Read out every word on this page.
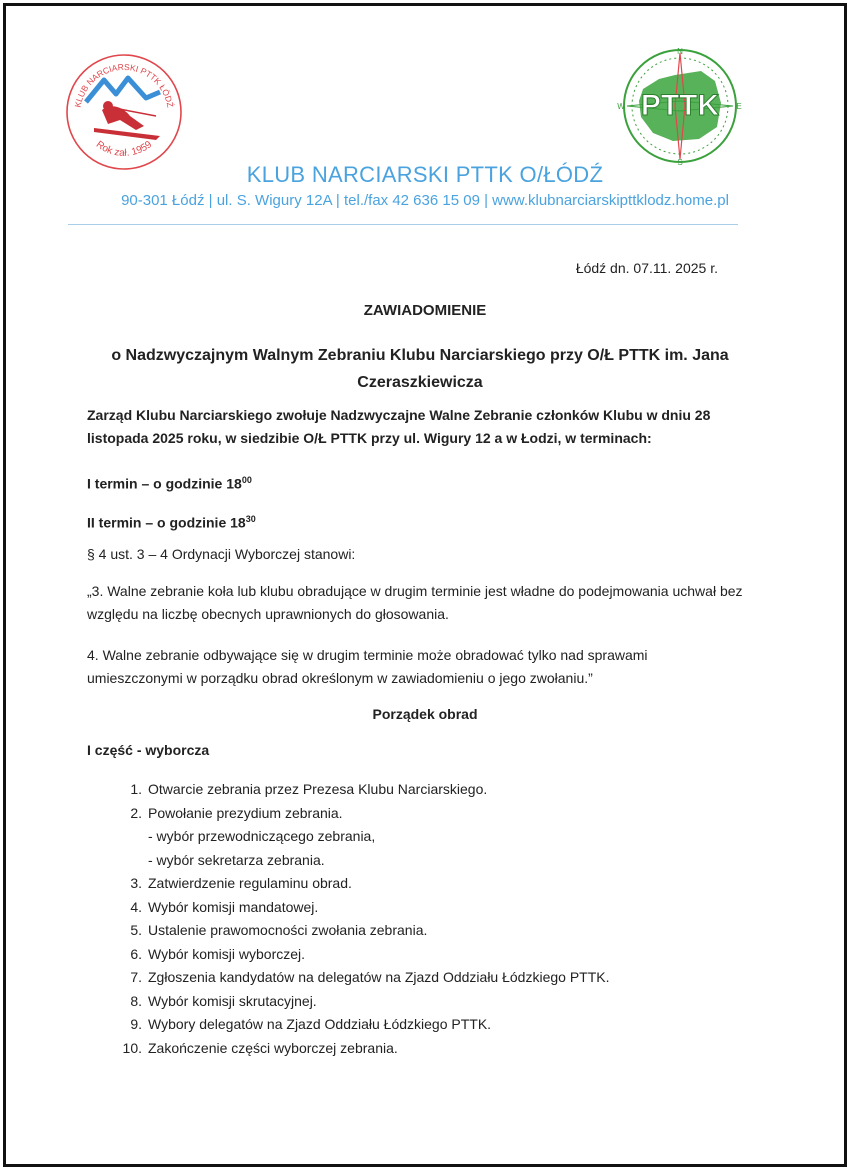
KLUB NARCIARSKI PTTK ŁÓDŹ
Rok zał. 1959
PTTK
N
E
S
W
KLUB NARCIARSKI PTTK O/ŁÓDŹ
90-301 Łódź | ul. S. Wigury 12A | tel./fax 42 636 15 09 | www.klubnarciarskipttklodz.home.pl
Łódź dn. 07.11. 2025 r.
ZAWIADOMIENIE
o Nadzwyczajnym Walnym Zebraniu Klubu Narciarskiego przy O/Ł PTTK im. Jana Czeraszkiewicza

Zarząd Klubu Narciarskiego zwołuje Nadzwyczajne Walne Zebranie członków Klubu w dniu 28 listopada 2025 roku, w siedzibie O/Ł PTTK przy ul. Wigury 12 a w Łodzi, w terminach:

I termin – o godzinie $18^{00}$

II termin – o godzinie $18^{30}$

§ 4 ust. 3 – 4 Ordynacji Wyborczej stanowi:

„3. Walne zebranie koła lub klubu obradujące w drugim terminie jest władne do podejmowania uchwał bez względu na liczbę obecnych uprawnionych do głosowania.

4. Walne zebranie odbywające się w drugim terminie może obradować tylko nad sprawami umieszczonymi w porządku obrad określonym w zawiadomieniu o jego zwołaniu.”

Porządek obrad

I część - wyborcza

1. Otwarcie zebrania przez Prezesa Klubu Narciarskiego.
2. Powołanie prezydium zebrania.
- wybór przewodniczącego zebrania,
- wybór sekretarza zebrania.
3. Zatwierdzenie regulaminu obrad.
4. Wybór komisji mandatowej.
5. Ustalenie prawomocności zwołania zebrania.
6. Wybór komisji wyborczej.
7. Zgłoszenia kandydatów na delegatów na Zjazd Oddziału Łódzkiego PTTK.
8. Wybór komisji skrutacyjnej.
9. Wybory delegatów na Zjazd Oddziału Łódzkiego PTTK.
10. Zakończenie części wyborczej zebrania.
